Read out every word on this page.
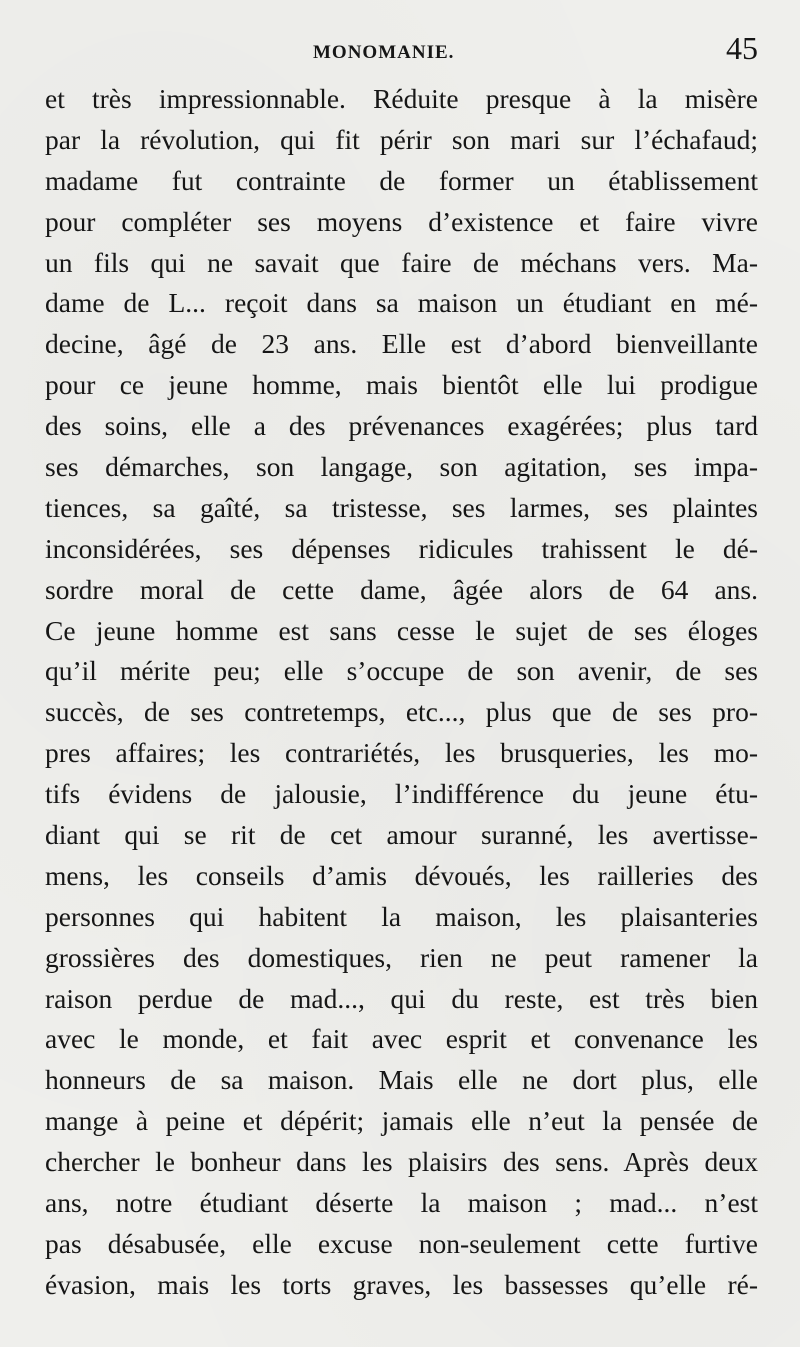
MONOMANIE.	45
et très impressionnable. Réduite presque à la misère
par la révolution, qui fit périr son mari sur l’échafaud;
madame fut contrainte de former un établissement
pour compléter ses moyens d’existence et faire vivre
un fils qui ne savait que faire de méchans vers. Ma-
dame de L... reçoit dans sa maison un étudiant en mé-
decine, âgé de 23 ans. Elle est d’abord bienveillante
pour ce jeune homme, mais bientôt elle lui prodigue
des soins, elle a des prévenances exagérées; plus tard
ses démarches, son langage, son agitation, ses impa-
tiences, sa gaîté, sa tristesse, ses larmes, ses plaintes
inconsidérées, ses dépenses ridicules trahissent le dé-
sordre moral de cette dame, âgée alors de 64 ans.
Ce jeune homme est sans cesse le sujet de ses éloges
qu’il mérite peu; elle s’occupe de son avenir, de ses
succès, de ses contretemps, etc..., plus que de ses pro-
pres affaires; les contrariétés, les brusqueries, les mo-
tifs évidens de jalousie, l’indifférence du jeune étu-
diant qui se rit de cet amour suranné, les avertisse-
mens, les conseils d’amis dévoués, les railleries des
personnes qui habitent la maison, les plaisanteries
grossières des domestiques, rien ne peut ramener la
raison perdue de mad..., qui du reste, est très bien
avec le monde, et fait avec esprit et convenance les
honneurs de sa maison. Mais elle ne dort plus, elle
mange à peine et dépérit; jamais elle n’eut la pensée de
chercher le bonheur dans les plaisirs des sens. Après deux
ans, notre étudiant déserte la maison ; mad... n’est
pas désabusée, elle excuse non-seulement cette furtive
évasion, mais les torts graves, les bassesses qu’elle ré-
